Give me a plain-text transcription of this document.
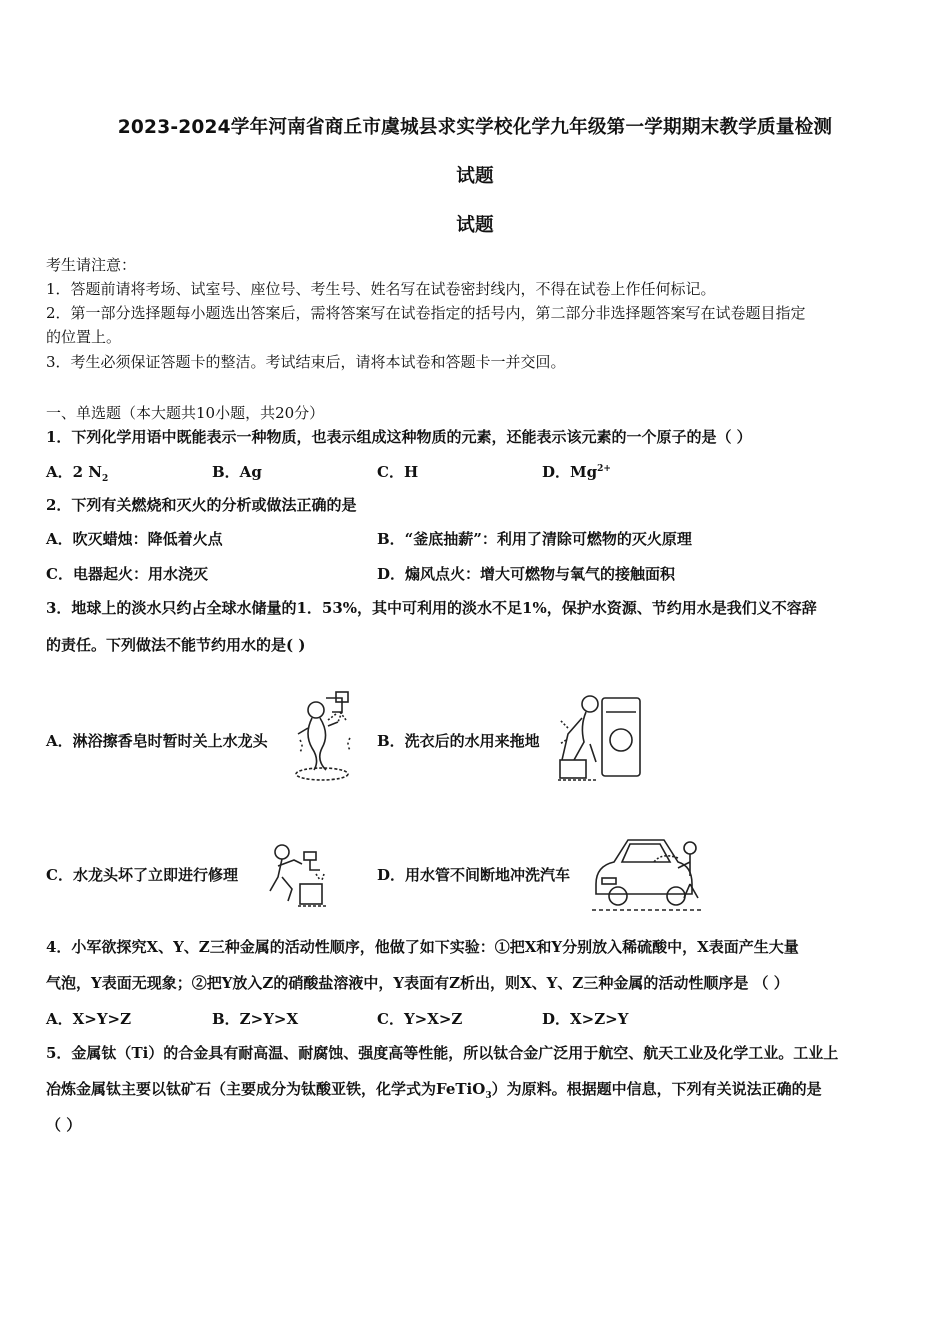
2023-2024学年河南省商丘市虞城县求实学校化学九年级第一学期期末教学质量检测
试题
试题
考生请注意：
1．答题前请将考场、试室号、座位号、考生号、姓名写在试卷密封线内，不得在试卷上作任何标记。
2．第一部分选择题每小题选出答案后，需将答案写在试卷指定的括号内，第二部分非选择题答案写在试卷题目指定
的位置上。
3．考生必须保证答题卡的整洁。考试结束后，请将本试卷和答题卡一并交回。
一、单选题（本大题共10小题，共20分）
1．下列化学用语中既能表示一种物质，也表示组成这种物质的元素，还能表示该元素的一个原子的是（ ）
A．2 $N_2$	B．Ag	C．H	D．$Mg^{2+}$
2．下列有关燃烧和灭火的分析或做法正确的是
A．吹灭蜡烛：降低着火点	B．“釜底抽薪”：利用了清除可燃物的灭火原理
C．电器起火：用水浇灭	D．煽风点火：增大可燃物与氧气的接触面积
3．地球上的淡水只约占全球水储量的1．53%，其中可利用的淡水不足1%，保护水资源、节约用水是我们义不容辞
的责任。下列做法不能节约用水的是( )
A．淋浴擦香皂时暂时关上水龙头	B．洗衣后的水用来拖地
C．水龙头坏了立即进行修理	D．用水管不间断地冲洗汽车
4．小军欲探究X、Y、Z三种金属的活动性顺序，他做了如下实验：①把X和Y分别放入稀硫酸中，X表面产生大量
气泡，Y表面无现象；②把Y放入Z的硝酸盐溶液中，Y表面有Z析出，则X、Y、Z三种金属的活动性顺序是 （ ）
A．X>Y>Z	B．Z>Y>X	C．Y>X>Z	D．X>Z>Y
5．金属钛（Ti）的合金具有耐高温、耐腐蚀、强度高等性能，所以钛合金广泛用于航空、航天工业及化学工业。工业上
冶炼金属钛主要以钛矿石（主要成分为钛酸亚铁，化学式为FeTiO$_3$）为原料。根据题中信息，下列有关说法正确的是
（ ）
